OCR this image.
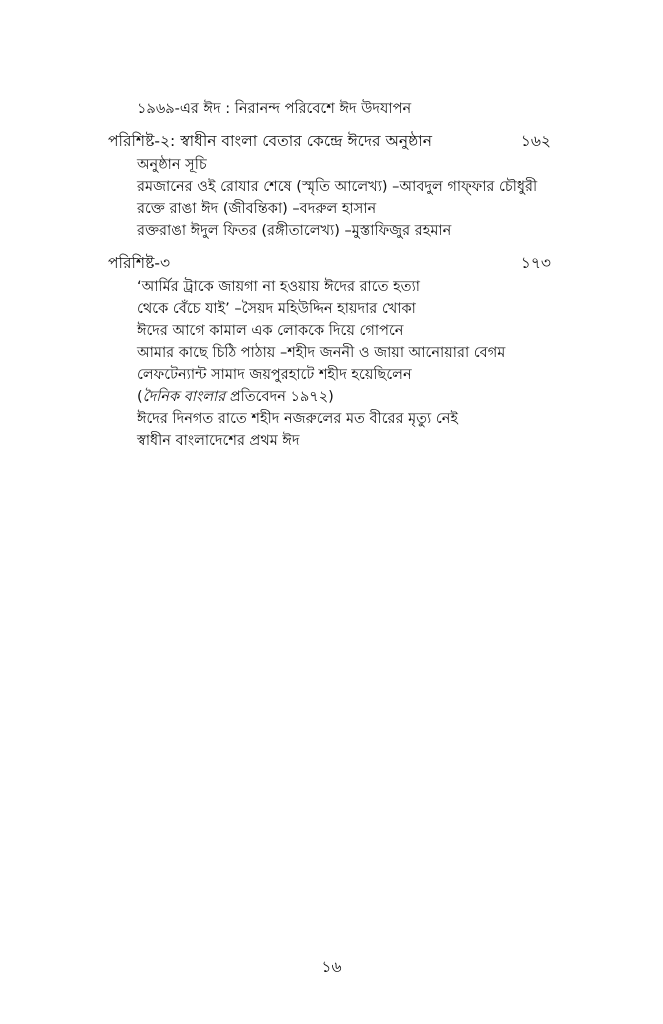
১৯৬৯-এর ঈদ : নিরানন্দ পরিবেশে ঈদ উদযাপন
পরিশিষ্ট-২: স্বাধীন বাংলা বেতার কেন্দ্রে ঈদের অনুষ্ঠান	১৬২
অনুষ্ঠান সূচি
রমজানের ওই রোযার শেষে (স্মৃতি আলেখ্য) –আবদুল গাফ্ফার চৌধুরী
রক্তে রাঙা ঈদ (জীবন্তিকা) –বদরুল হাসান
রক্তরাঙা ঈদুল ফিতর (রঙ্গীতালেখ্য) –মুস্তাফিজুর রহমান
পরিশিষ্ট-৩	১৭৩
‘আর্মির ট্রাকে জায়গা না হওয়ায় ঈদের রাতে হত্যা
থেকে বেঁচে যাই’ –সৈয়দ মহিউদ্দিন হায়দার খোকা
ঈদের আগে কামাল এক লোককে দিয়ে গোপনে
আমার কাছে চিঠি পাঠায় –শহীদ জননী ও জায়া আনোয়ারা বেগম
লেফটেন্যান্ট সামাদ জয়পুরহাটে শহীদ হয়েছিলেন
(দৈনিক বাংলার প্রতিবেদন ১৯৭২)
ঈদের দিনগত রাতে শহীদ নজরুলের মত বীরের মৃত্যু নেই
স্বাধীন বাংলাদেশের প্রথম ঈদ
১৬
